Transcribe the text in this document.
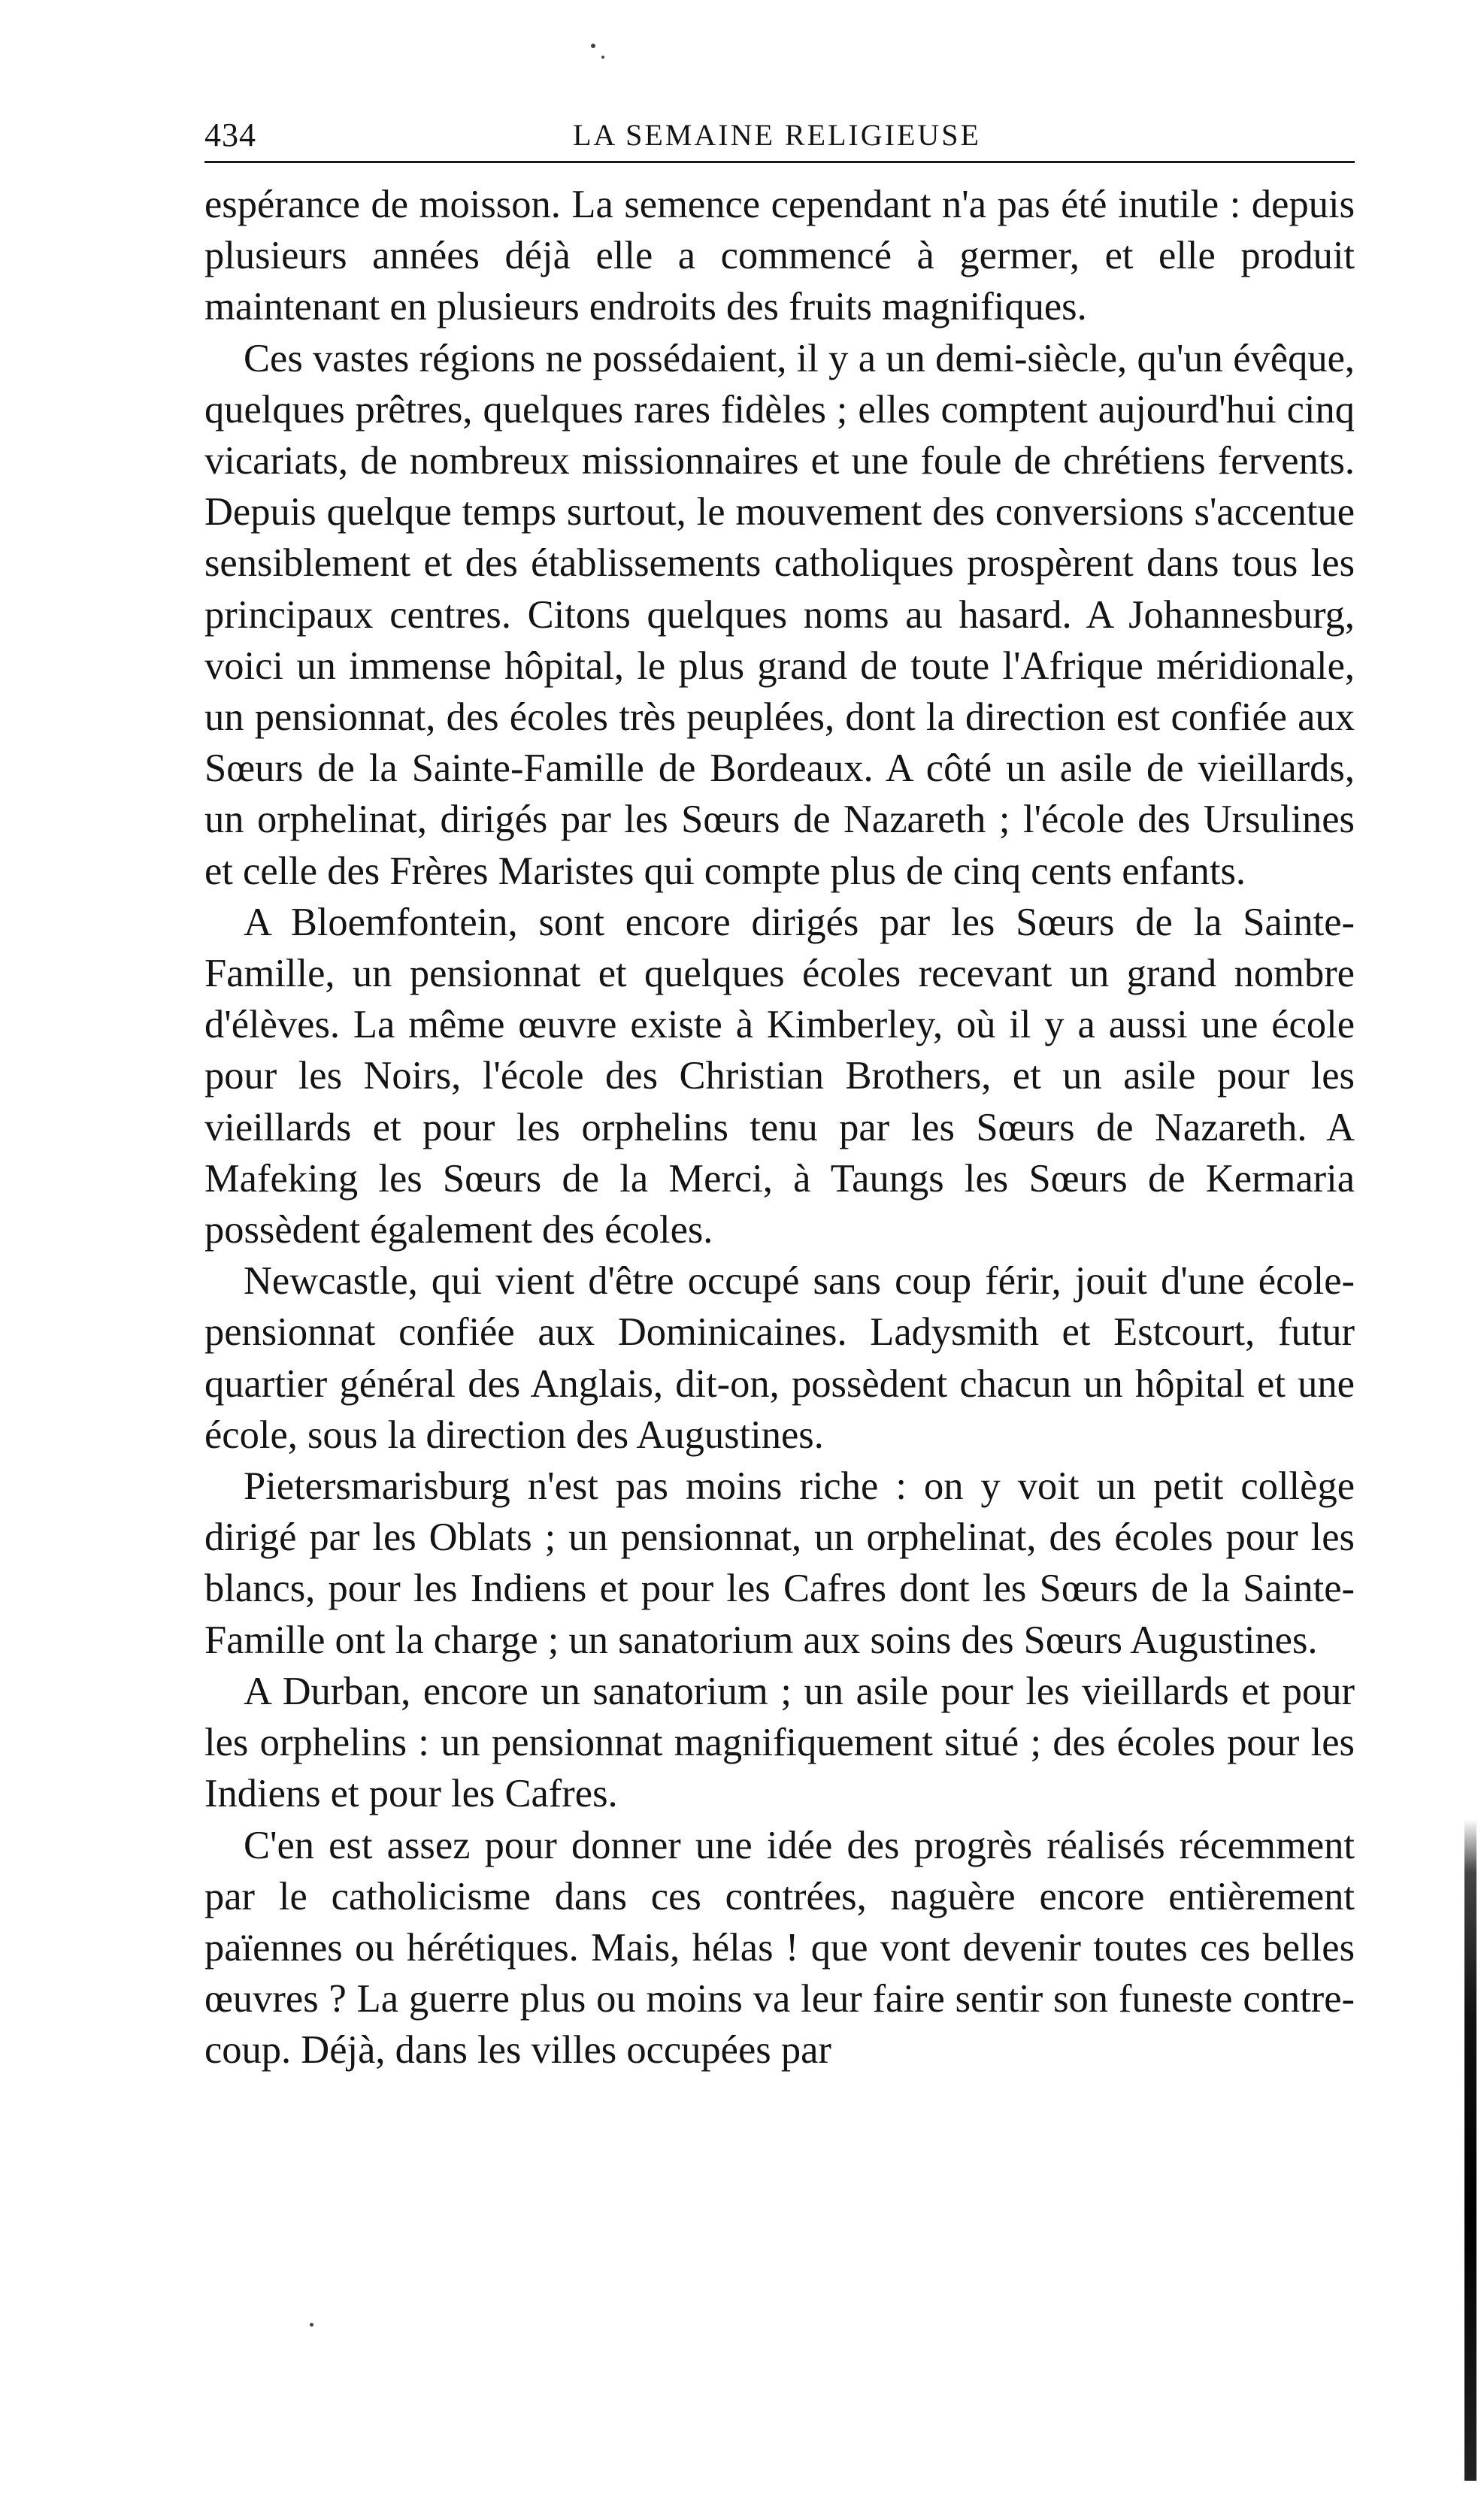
434	LA SEMAINE RELIGIEUSE

espérance de moisson. La semence cependant n'a pas été inutile : depuis plusieurs années déjà elle a commencé à germer, et elle produit maintenant en plusieurs endroits des fruits magnifiques.

Ces vastes régions ne possédaient, il y a un demi-siècle, qu'un évêque, quelques prêtres, quelques rares fidèles ; elles comptent aujourd'hui cinq vicariats, de nombreux missionnaires et une foule de chrétiens fervents. Depuis quelque temps surtout, le mouvement des conversions s'accentue sensiblement et des établissements catholiques prospèrent dans tous les principaux centres. Citons quelques noms au hasard. A Johannesburg, voici un immense hôpital, le plus grand de toute l'Afrique méridionale, un pensionnat, des écoles très peuplées, dont la direction est confiée aux Sœurs de la Sainte-Famille de Bordeaux. A côté un asile de vieillards, un orphelinat, dirigés par les Sœurs de Nazareth ; l'école des Ursulines et celle des Frères Maristes qui compte plus de cinq cents enfants.

A Bloemfontein, sont encore dirigés par les Sœurs de la Sainte-Famille, un pensionnat et quelques écoles recevant un grand nombre d'élèves. La même œuvre existe à Kimberley, où il y a aussi une école pour les Noirs, l'école des Christian Brothers, et un asile pour les vieillards et pour les orphelins tenu par les Sœurs de Nazareth. A Mafeking les Sœurs de la Merci, à Taungs les Sœurs de Kermaria possèdent également des écoles.

Newcastle, qui vient d'être occupé sans coup férir, jouit d'une école-pensionnat confiée aux Dominicaines. Ladysmith et Estcourt, futur quartier général des Anglais, dit-on, possèdent chacun un hôpital et une école, sous la direction des Augustines.

Pietersmarisburg n'est pas moins riche : on y voit un petit collège dirigé par les Oblats ; un pensionnat, un orphelinat, des écoles pour les blancs, pour les Indiens et pour les Cafres dont les Sœurs de la Sainte-Famille ont la charge ; un sanatorium aux soins des Sœurs Augustines.

A Durban, encore un sanatorium ; un asile pour les vieillards et pour les orphelins : un pensionnat magnifiquement situé ; des écoles pour les Indiens et pour les Cafres.

C'en est assez pour donner une idée des progrès réalisés récemment par le catholicisme dans ces contrées, naguère encore entièrement païennes ou hérétiques. Mais, hélas ! que vont devenir toutes ces belles œuvres ? La guerre plus ou moins va leur faire sentir son funeste contre-coup. Déjà, dans les villes occupées par
